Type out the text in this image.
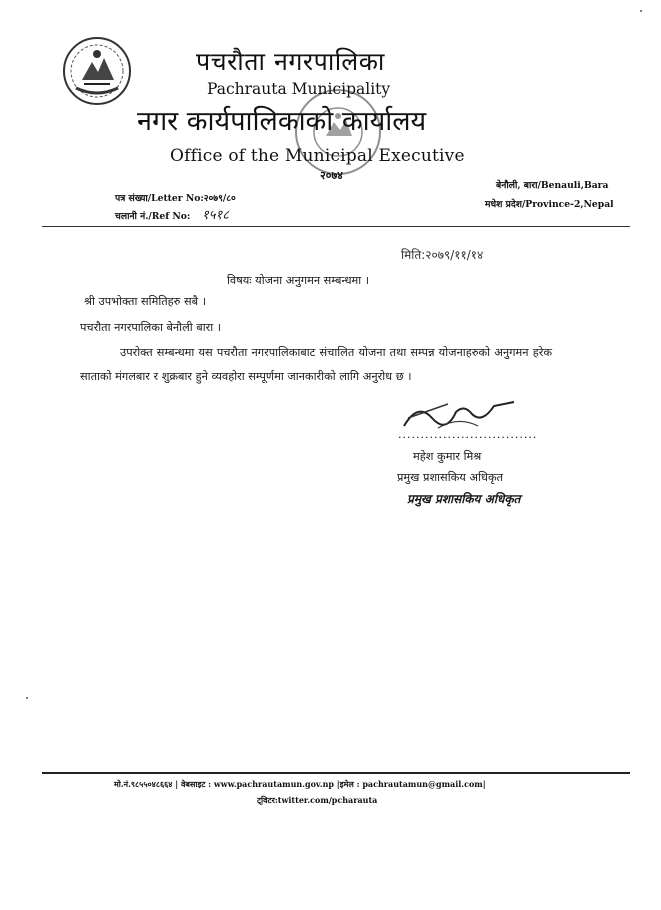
२०७४
पचरौता नगरपालिका
Pachrauta Municipality
नगर कार्यपालिकाको कार्यालय
Office of the Municipal Executive
पत्र संख्या/Letter No:२०७९/८०
चलानी नं./Ref No: १५१८
बेनौली, बारा/Benauli,Bara
मधेश प्रदेश/Province-2,Nepal
मिति:२०७९/११/१४
विषयः योजना अनुगमन सम्बन्धमा ।
श्री उपभोक्ता समितिहरु सबै ।
पचरौता नगरपालिका बेनौली बारा ।
उपरोक्त सम्बन्धमा यस पचरौता नगरपालिकाबाट संचालित योजना तथा सम्पन्न योजनाहरुको अनुगमन हरेक साताको मंगलबार र शुक्रबार हुने व्यवहोरा सम्पूर्णमा जानकारीको लागि अनुरोध छ ।
...............................
महेश कुमार मिश्र
प्रमुख प्रशासकिय अधिकृत
प्रमुख प्रशासकिय अधिकृत
मो.नं.९८५५०४८६६४ | वेबसाइट : www.pachrautamun.gov.np |इमेल : pachrautamun@gmail.com|
ट्वि़टर:twitter.com/pcharauta
